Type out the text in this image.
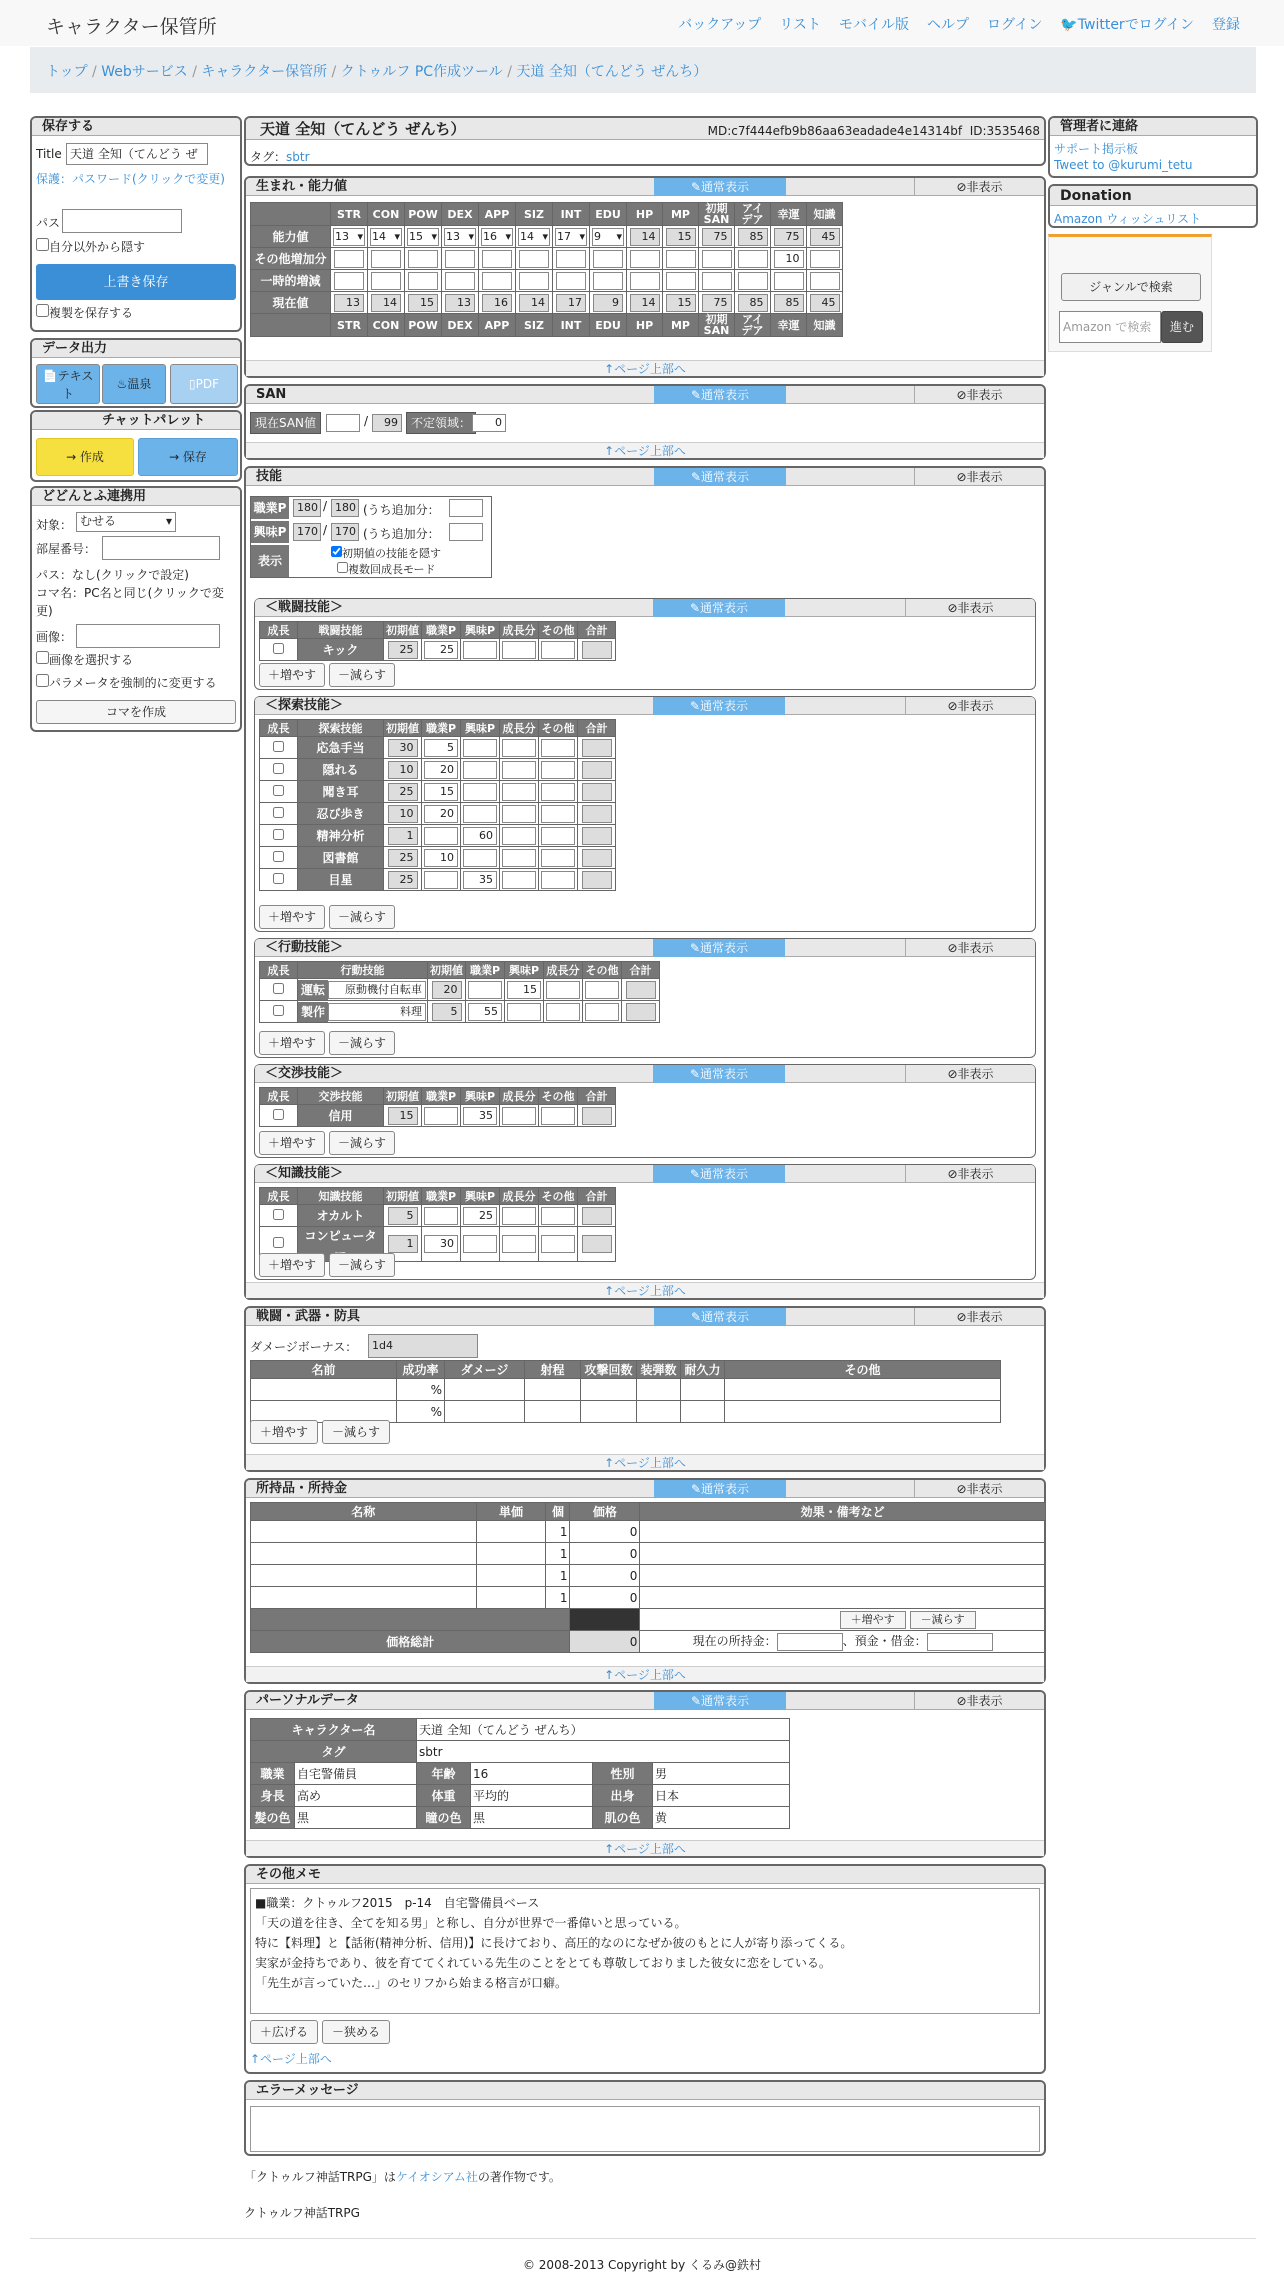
キャラクター保管所	バックアップ リスト モバイル版 ヘルプ ログイン 🐦Twitterでログイン 登録
トップ / Webサービス / キャラクター保管所 / クトゥルフ PC作成ツール / 天道 全知（てんどう ぜんち）
保存する
Title 天道 全知（てんどう ぜ
保護：パスワード(クリックで変更)
パス
自分以外から隠す
上書き保存
複製を保存する
データ出力
📄テキスト
♨温泉	▯PDF
チャットパレット
→ 作成	→ 保存
どどんとふ連携用
対象： むせる	▾
部屋番号：
パス：なし(クリックで設定)
コマ名：PC名と同じ(クリックで変更)
画像：
画像を選択する
パラメータを強制的に変更する
コマを作成
管理者に連絡
サポート掲示板
Tweet to @kurumi_tetu
Donation
Amazon ウィッシュリスト
ジャンルで検索
Amazon で検索	進む
天道 全知（てんどう ぜんち）	MD:c7f444efb9b86aa63eadade4e14314bf ID:3535468
タグ：sbtr
生まれ・能力値	✎通常表示	⊘非表示
	STR	CON	POW	DEX	APP	SIZ	INT	EDU	HP	MP	初期SAN	アイデア	幸運	知識
能力値	13 ▾	14 ▾	15 ▾	13 ▾	16 ▾	14 ▾	17 ▾	9 ▾	14	15	75	85	75	45
その他増加分													10	
一時的増減														
現在値	13	14	15	13	16	14	17	9	14	15	75	85	85	45
	STR	CON	POW	DEX	APP	SIZ	INT	EDU	HP	MP	初期SAN	アイデア	幸運	知識
↑ページ上部へ
SAN	✎通常表示	⊘非表示
現在SAN値	/	99	不定領域：	0
↑ページ上部へ
技能	✎通常表示	⊘非表示
職業P 180 / 180 (うち追加分：
興味P 170 / 170 (うち追加分：
表示
初期値の技能を隠す
複数回成長モード
＜戦闘技能＞	✎通常表示	⊘非表示
成長	戦闘技能	初期値	職業P	興味P	成長分	その他	合計
	キック	25	25				
＋増やす	－減らす
＜探索技能＞	✎通常表示	⊘非表示
成長	探索技能	初期値	職業P	興味P	成長分	その他	合計
	応急手当	30	5				
	隠れる	10	20				
	聞き耳	25	15				
	忍び歩き	10	20				
	精神分析	1		60			
	図書館	25	10				
	目星	25		35			
＋増やす	－減らす
＜行動技能＞	✎通常表示	⊘非表示
成長	行動技能	初期値	職業P	興味P	成長分	その他	合計
	運転 原動機付自転車	20		15			
	製作 料理	5	55				
＋増やす	－減らす
＜交渉技能＞	✎通常表示	⊘非表示
成長	交渉技能	初期値	職業P	興味P	成長分	その他	合計
	信用	15		35			
＋増やす	－減らす
＜知識技能＞	✎通常表示	⊘非表示
成長	知識技能	初期値	職業P	興味P	成長分	その他	合計
	オカルト	5		25			
	コンピュータ	1	30				
＋増やす	－減らす
↑ページ上部へ
戦闘・武器・防具	✎通常表示	⊘非表示
ダメージボーナス：	1d4
名前	成功率	ダメージ	射程	攻撃回数	装弾数	耐久力	その他
	%						
	%						
＋増やす	－減らす
↑ページ上部へ
所持品・所持金	✎通常表示	⊘非表示
名称	単価	個	価格	効果・備考など
		1	0	
		1	0	
		1	0	
		1	0	
				＋増やす －減らす
価格総計			0	現在の所持金： 、預金・借金：
↑ページ上部へ
パーソナルデータ	✎通常表示	⊘非表示
キャラクター名		天道 全知（てんどう ぜんち）			
タグ		sbtr			
職業	自宅警備員	年齢	16	性別	男
身長	高め	体重	平均的	出身	日本
髪の色	黒	瞳の色	黒	肌の色	黄
↑ページ上部へ
その他メモ
■職業：クトゥルフ2015　p-14　自宅警備員ベース
「天の道を往き、全てを知る男」と称し、自分が世界で一番偉いと思っている。
特に【料理】と【話術(精神分析、信用)】に長けており、高圧的なのになぜか彼のもとに人が寄り添ってくる。
実家が金持ちであり、彼を育ててくれている先生のことをとても尊敬しておりました彼女に恋をしている。
「先生が言っていた…」のセリフから始まる格言が口癖。
＋広げる	－狭める
↑ページ上部へ
エラーメッセージ
「クトゥルフ神話TRPG」はケイオシアム社の著作物です。
クトゥルフ神話TRPG
© 2008-2013 Copyright by くるみ@鉄村
